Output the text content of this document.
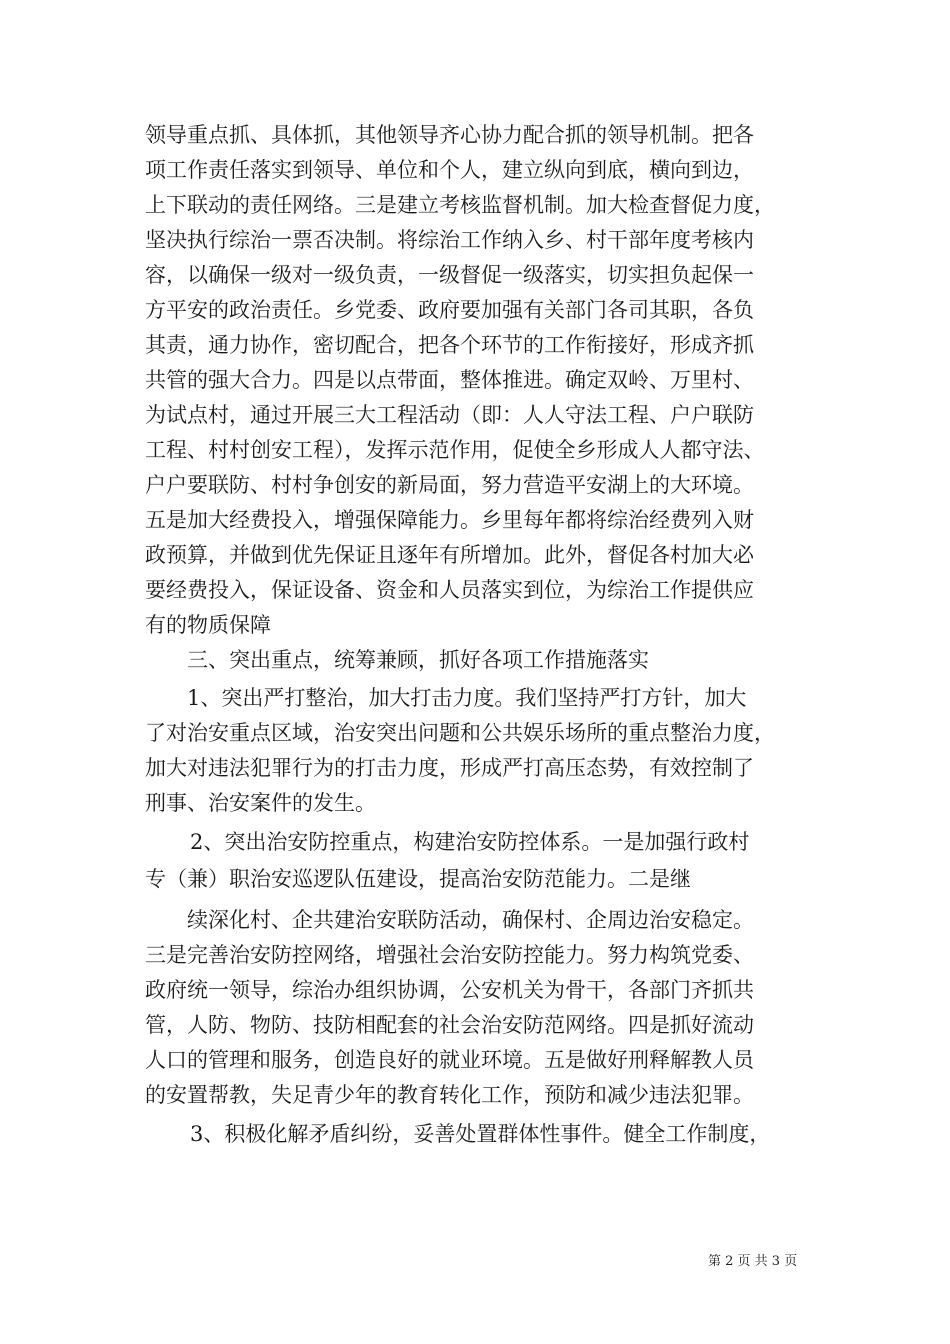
领导重点抓、具体抓，其他领导齐心协力配合抓的领导机制。把各
项工作责任落实到领导、单位和个人，建立纵向到底，横向到边，
上下联动的责任网络。三是建立考核监督机制。加大检查督促力度，
坚决执行综治一票否决制。将综治工作纳入乡、村干部年度考核内
容，以确保一级对一级负责，一级督促一级落实，切实担负起保一
方平安的政治责任。乡党委、政府要加强有关部门各司其职，各负
其责，通力协作，密切配合，把各个环节的工作衔接好，形成齐抓
共管的强大合力。四是以点带面，整体推进。确定双岭、万里村、
为试点村，通过开展三大工程活动（即：人人守法工程、户户联防
工程、村村创安工程），发挥示范作用，促使全乡形成人人都守法、
户户要联防、村村争创安的新局面，努力营造平安湖上的大环境。
五是加大经费投入，增强保障能力。乡里每年都将综治经费列入财
政预算，并做到优先保证且逐年有所增加。此外，督促各村加大必
要经费投入，保证设备、资金和人员落实到位，为综治工作提供应
有的物质保障
三、突出重点，统筹兼顾，抓好各项工作措施落实
1、突出严打整治，加大打击力度。我们坚持严打方针，加大
了对治安重点区域，治安突出问题和公共娱乐场所的重点整治力度，
加大对违法犯罪行为的打击力度，形成严打高压态势，有效控制了
刑事、治安案件的发生。
2、突出治安防控重点，构建治安防控体系。一是加强行政村
专（兼）职治安巡逻队伍建设，提高治安防范能力。二是继
续深化村、企共建治安联防活动，确保村、企周边治安稳定。
三是完善治安防控网络，增强社会治安防控能力。努力构筑党委、
政府统一领导，综治办组织协调，公安机关为骨干，各部门齐抓共
管，人防、物防、技防相配套的社会治安防范网络。四是抓好流动
人口的管理和服务，创造良好的就业环境。五是做好刑释解教人员
的安置帮教，失足青少年的教育转化工作，预防和减少违法犯罪。
3、积极化解矛盾纠纷，妥善处置群体性事件。健全工作制度，
第 2 页 共 3 页
